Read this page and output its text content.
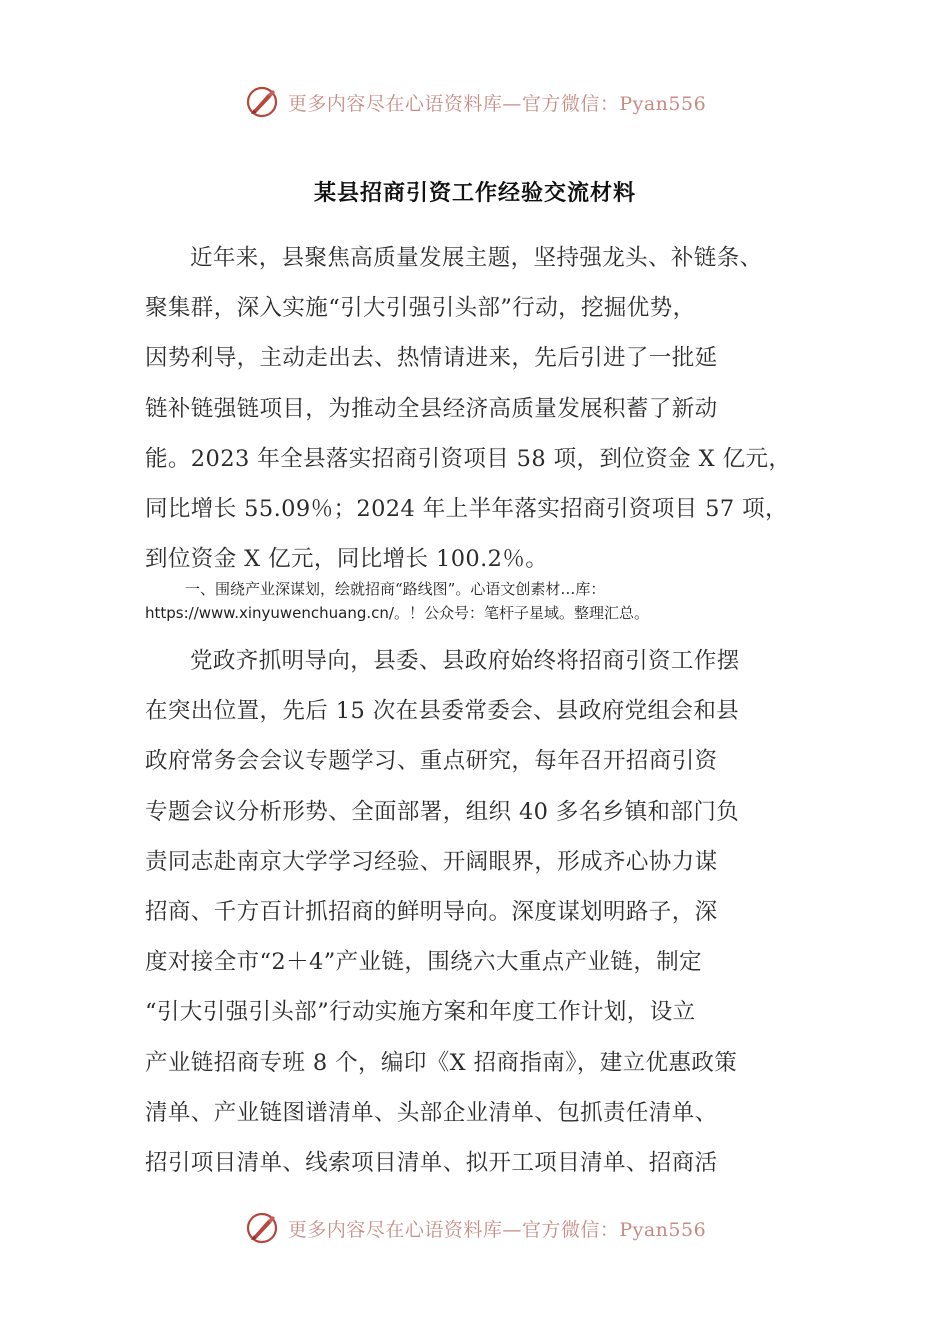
更多内容尽在心语资料库—官方微信：Pyan556
某县招商引资工作经验交流材料
近年来，县聚焦高质量发展主题，坚持强龙头、补链条、
聚集群，深入实施“引大引强引头部”行动，挖掘优势，
因势利导，主动走出去、热情请进来，先后引进了一批延
链补链强链项目，为推动全县经济高质量发展积蓄了新动
能。2023 年全县落实招商引资项目 58 项，到位资金 X 亿元，
同比增长 55.09％；2024 年上半年落实招商引资项目 57 项，
到位资金 X 亿元，同比增长 100.2％。
一、围绕产业深谋划，绘就招商“路线图”。心语文创素材…库：
https://www.xinyuwenchuang.cn/。！公众号：笔杆子星域。整理汇总。
党政齐抓明导向，县委、县政府始终将招商引资工作摆
在突出位置，先后 15 次在县委常委会、县政府党组会和县
政府常务会会议专题学习、重点研究，每年召开招商引资
专题会议分析形势、全面部署，组织 40 多名乡镇和部门负
责同志赴南京大学学习经验、开阔眼界，形成齐心协力谋
招商、千方百计抓招商的鲜明导向。深度谋划明路子，深
度对接全市“2＋4”产业链，围绕六大重点产业链，制定
“引大引强引头部”行动实施方案和年度工作计划，设立
产业链招商专班 8 个，编印《X 招商指南》，建立优惠政策
清单、产业链图谱清单、头部企业清单、包抓责任清单、
招引项目清单、线索项目清单、拟开工项目清单、招商活
更多内容尽在心语资料库—官方微信：Pyan556
